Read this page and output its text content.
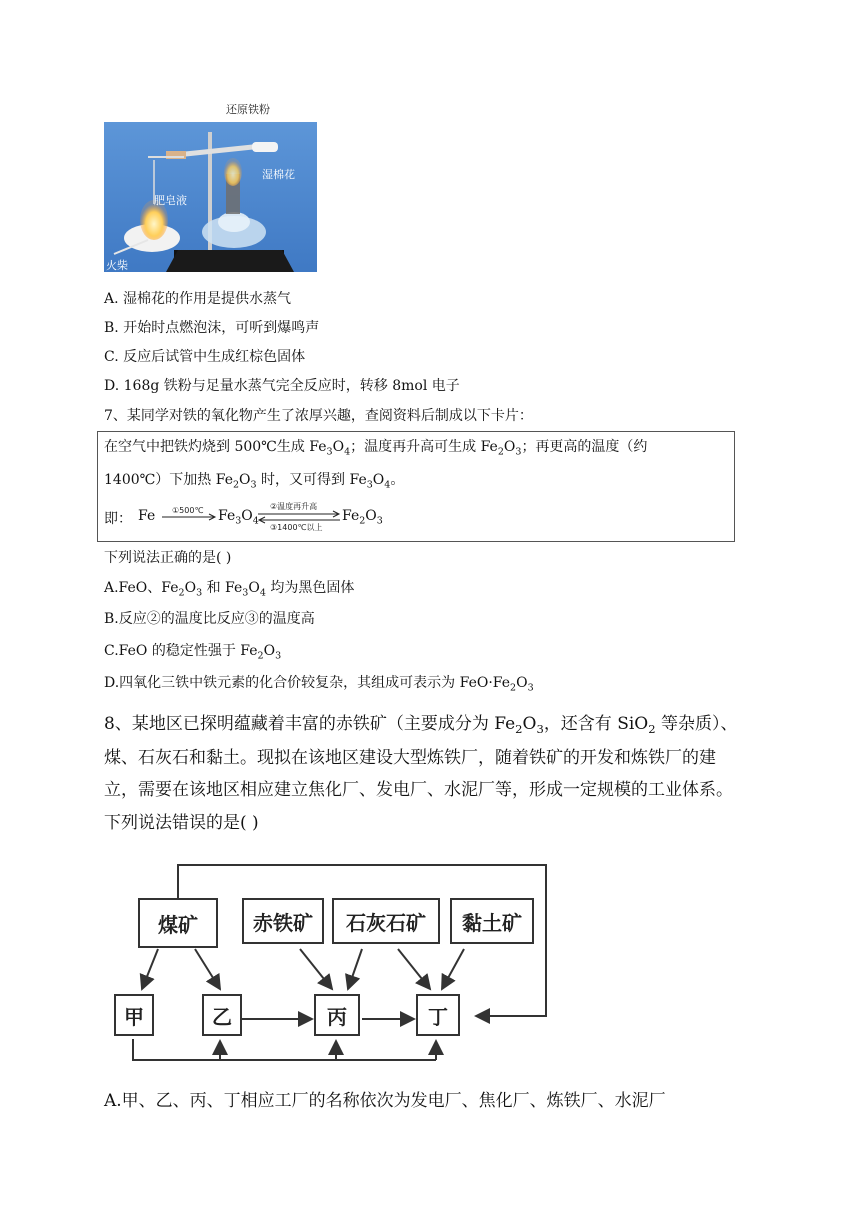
还原铁粉
湿棉花
肥皂液
火柴
A. 湿棉花的作用是提供水蒸气
B. 开始时点燃泡沫，可听到爆鸣声
C. 反应后试管中生成红棕色固体
D. 168g 铁粉与足量水蒸气完全反应时，转移 8mol 电子
7、某同学对铁的氧化物产生了浓厚兴趣，查阅资料后制成以下卡片：
在空气中把铁灼烧到 500℃生成 $Fe_3O_4$；温度再升高可生成 $Fe_2O_3$；再更高的温度（约
1400℃）下加热 $Fe_2O_3$ 时，又可得到 $Fe_3O_4$。
即： Fe ①500℃ $Fe_3O_4$
②温度再升高
③1400℃以上
$Fe_2O_3$
下列说法正确的是( )
A.FeO、$Fe_2O_3$ 和 $Fe_3O_4$ 均为黑色固体
B.反应②的温度比反应③的温度高
C.FeO 的稳定性强于 $Fe_2O_3$
D.四氧化三铁中铁元素的化合价较复杂，其组成可表示为 $FeO\cdot Fe_2O_3$
8、某地区已探明蕴藏着丰富的赤铁矿（主要成分为 $Fe_2O_3$，还含有 SiO$_2$ 等杂质）、
煤、石灰石和黏土。现拟在该地区建设大型炼铁厂，随着铁矿的开发和炼铁厂的建
立，需要在该地区相应建立焦化厂、发电厂、水泥厂等，形成一定规模的工业体系。
下列说法错误的是( )
煤矿	赤铁矿	石灰石矿	黏土矿
甲	乙	丙	丁
A.甲、乙、丙、丁相应工厂的名称依次为发电厂、焦化厂、炼铁厂、水泥厂
